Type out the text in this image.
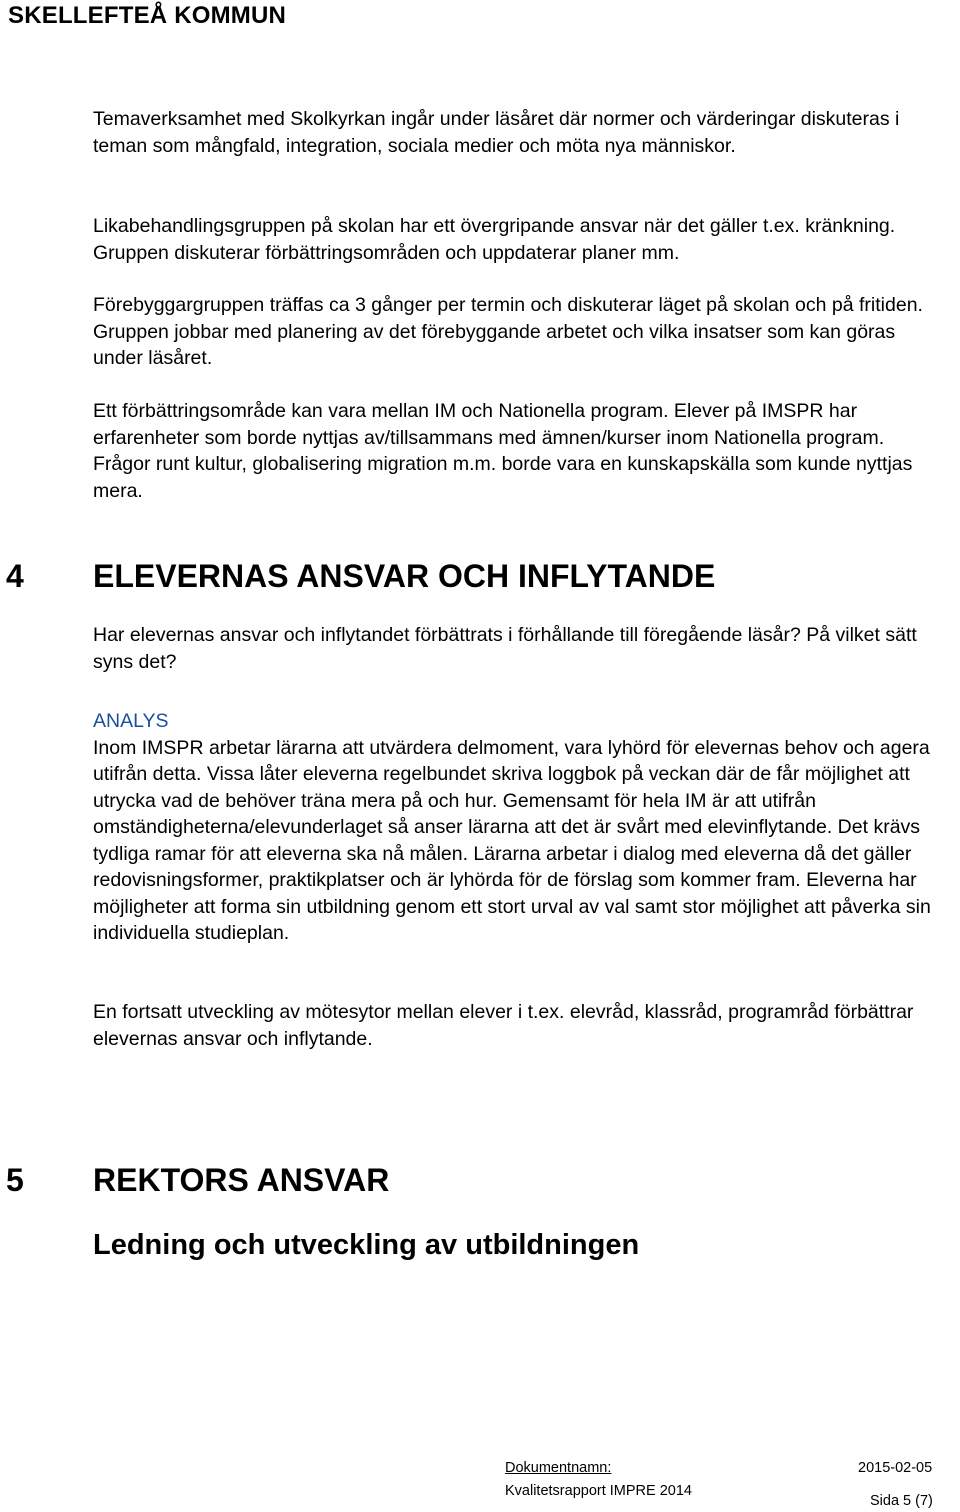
SKELLEFTEÅ KOMMUN

Temaverksamhet med Skolkyrkan ingår under läsåret där normer och värderingar diskuteras i teman som mångfald, integration, sociala medier och möta nya människor.

Likabehandlingsgruppen på skolan har ett övergripande ansvar när det gäller t.ex. kränkning. Gruppen diskuterar förbättringsområden och uppdaterar planer mm.

Förebyggargruppen träffas ca 3 gånger per termin och diskuterar läget på skolan och på fritiden. Gruppen jobbar med planering av det förebyggande arbetet och vilka insatser som kan göras under läsåret.

Ett förbättringsområde kan vara mellan IM och Nationella program. Elever på IMSPR har erfarenheter som borde nyttjas av/tillsammans med ämnen/kurser inom Nationella program. Frågor runt kultur, globalisering migration m.m. borde vara en kunskapskälla som kunde nyttjas mera.

4 ELEVERNAS ANSVAR OCH INFLYTANDE

Har elevernas ansvar och inflytandet förbättrats i förhållande till föregående läsår? På vilket sätt syns det?

ANALYS

Inom IMSPR arbetar lärarna att utvärdera delmoment, vara lyhörd för elevernas behov och agera utifrån detta. Vissa låter eleverna regelbundet skriva loggbok på veckan där de får möjlighet att utrycka vad de behöver träna mera på och hur. Gemensamt för hela IM är att utifrån omständigheterna/elevunderlaget så anser lärarna att det är svårt med elevinflytande. Det krävs tydliga ramar för att eleverna ska nå målen. Lärarna arbetar i dialog med eleverna då det gäller redovisningsformer, praktikplatser och är lyhörda för de förslag som kommer fram. Eleverna har möjligheter att forma sin utbildning genom ett stort urval av val samt stor möjlighet att påverka sin individuella studieplan.

En fortsatt utveckling av mötesytor mellan elever i t.ex. elevråd, klassråd, programråd förbättrar elevernas ansvar och inflytande.

5 REKTORS ANSVAR
Ledning och utveckling av utbildningen
Dokumentnamn:
Kvalitetsrapport IMPRE 2014
2015-02-05
Sida 5 (7)
